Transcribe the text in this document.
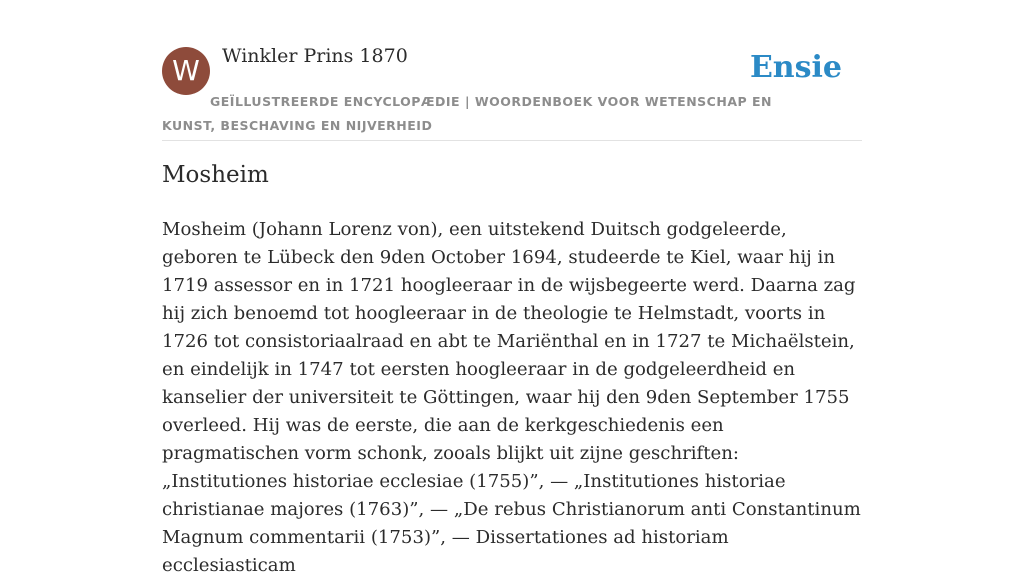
W	Winkler Prins 1870	Ensie
GEÏLLUSTREERDE ENCYCLOPÆDIE | WOORDENBOEK VOOR WETENSCHAP EN KUNST, BESCHAVING EN NIJVERHEID
Mosheim

Mosheim (Johann Lorenz von), een uitstekend Duitsch godgeleerde, geboren te Lübeck den 9den October 1694, studeerde te Kiel, waar hij in 1719 assessor en in 1721 hoogleeraar in de wijsbegeerte werd. Daarna zag hij zich benoemd tot hoogleeraar in de theologie te Helmstadt, voorts in 1726 tot consistoriaalraad en abt te Mariënthal en in 1727 te Michaëlstein, en eindelijk in 1747 tot eersten hoogleeraar in de godgeleerdheid en kanselier der universiteit te Göttingen, waar hij den 9den September 1755 overleed. Hij was de eerste, die aan de kerkgeschiedenis een pragmatischen vorm schonk, zooals blijkt uit zijne geschriften: „Institutiones historiae ecclesiae (1755)”, — „Institutiones historiae christianae majores (1763)”, — „De rebus Christianorum anti Constantinum Magnum commentarii (1753)”, — Dissertationes ad historiam ecclesiasticam
